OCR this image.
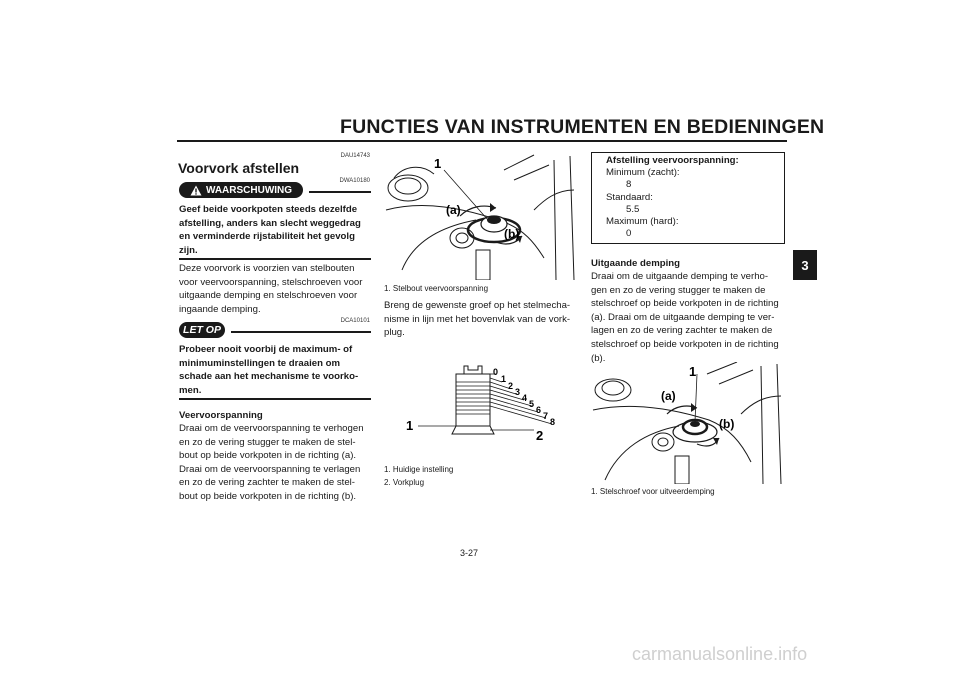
FUNCTIES VAN INSTRUMENTEN EN BEDIENINGEN
3
DAU14743
Voorvork afstellen
WAARSCHUWING
DWA10180
Geef beide voorkpoten steeds dezelfde
afstelling, anders kan slecht weggedrag
en verminderde rijstabiliteit het gevolg
zijn.
Deze voorvork is voorzien van stelbouten
voor veervoorspanning, stelschroeven voor
uitgaande demping en stelschroeven voor
ingaande demping.
LET OP
DCA10101
Probeer nooit voorbij de maximum- of
minimuminstellingen te draaien om
schade aan het mechanisme te voorko-
men.
Veervoorspanning
Draai om de veervoorspanning te verhogen
en zo de vering stugger te maken de stel-
bout op beide vorkpoten in de richting (a).
Draai om de veervoorspanning te verlagen
en zo de vering zachter te maken de stel-
bout op beide vorkpoten in de richting (b).
1
(a)
(b)
1. Stelbout veervoorspanning
Breng de gewenste groef op het stelmecha-
nisme in lijn met het bovenvlak van de vork-
plug.
0
1
2
3
4
5
6
7
8
1
2
1. Huidige instelling
2. Vorkplug
Afstelling veervoorspanning:
Minimum (zacht):
8
Standaard:
5.5
Maximum (hard):
0
Uitgaande demping
Draai om de uitgaande demping te verho-
gen en zo de vering stugger te maken de
stelschroef op beide vorkpoten in de richting
(a). Draai om de uitgaande demping te ver-
lagen en zo de vering zachter te maken de
stelschroef op beide vorkpoten in de richting
(b).
1
(a)
(b)
1. Stelschroef voor uitveerdemping
3-27
carmanualsonline.info
